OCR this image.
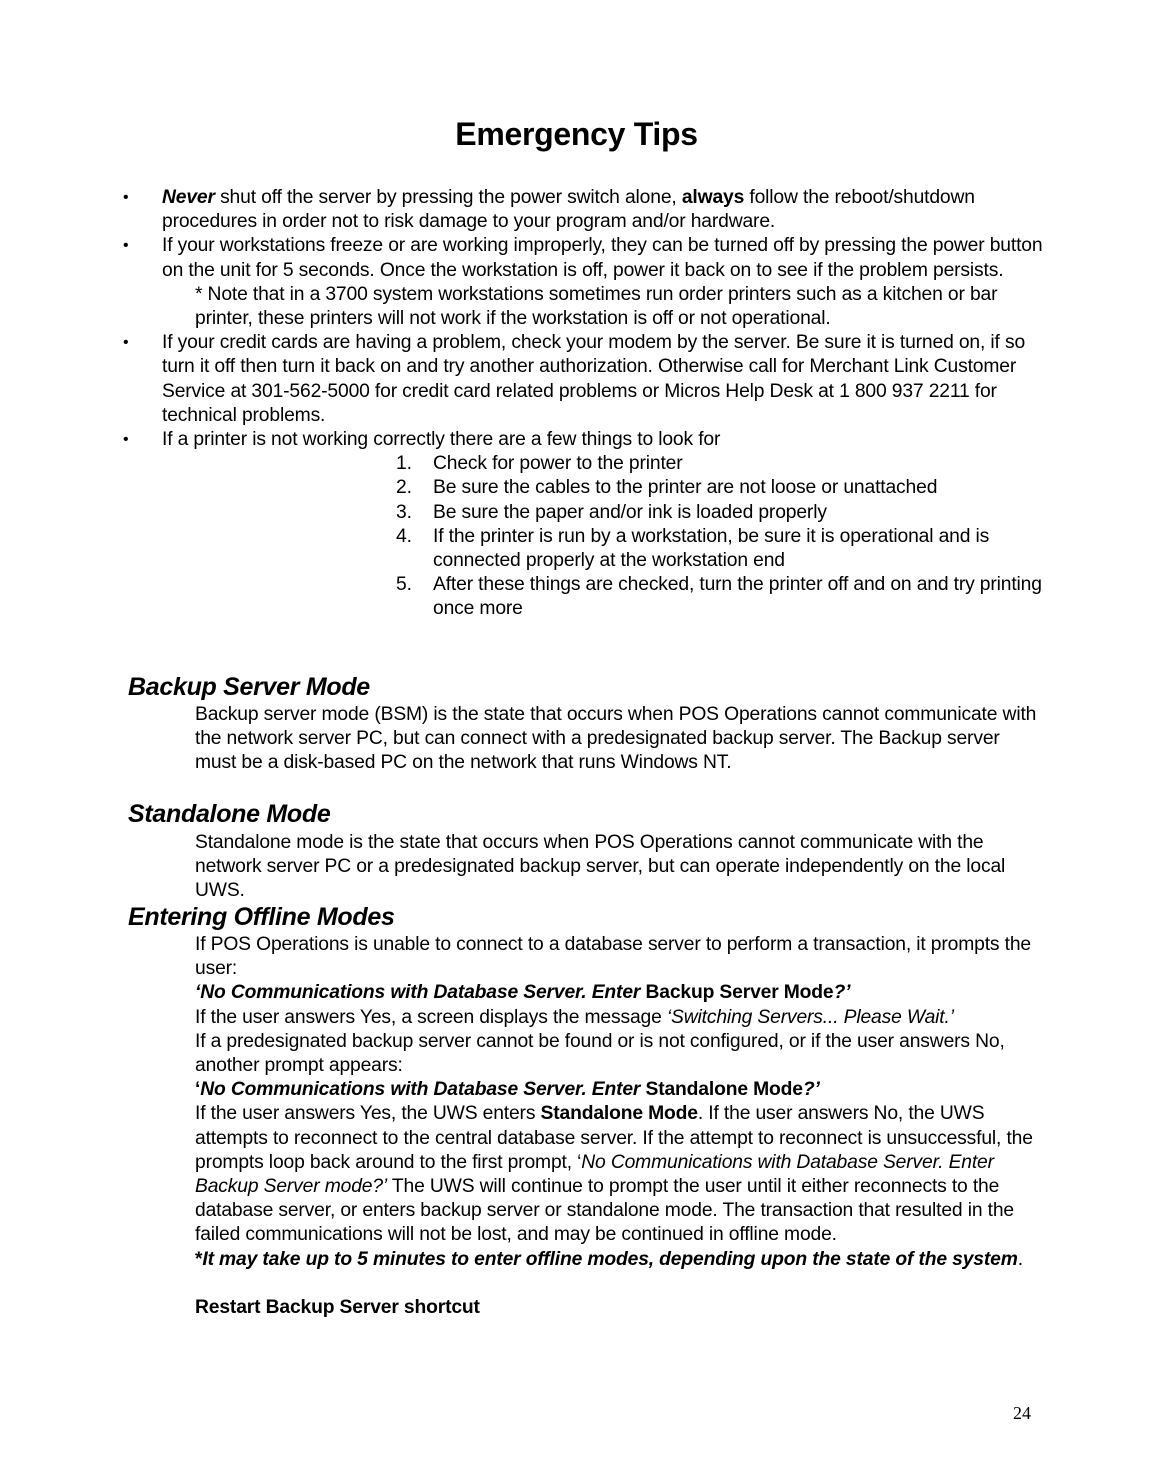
Emergency Tips
• Never shut off the server by pressing the power switch alone, always follow the reboot/shutdown procedures in order not to risk damage to your program and/or hardware.
• If your workstations freeze or are working improperly, they can be turned off by pressing the power button on the unit for 5 seconds. Once the workstation is off, power it back on to see if the problem persists.
* Note that in a 3700 system workstations sometimes run order printers such as a kitchen or bar printer, these printers will not work if the workstation is off or not operational.
• If your credit cards are having a problem, check your modem by the server. Be sure it is turned on, if so turn it off then turn it back on and try another authorization. Otherwise call for Merchant Link Customer Service at 301-562-5000 for credit card related problems or Micros Help Desk at 1 800 937 2211 for technical problems.
• If a printer is not working correctly there are a few things to look for
1. Check for power to the printer
2. Be sure the cables to the printer are not loose or unattached
3. Be sure the paper and/or ink is loaded properly
4. If the printer is run by a workstation, be sure it is operational and is connected properly at the workstation end
5. After these things are checked, turn the printer off and on and try printing once more
Backup Server Mode
Backup server mode (BSM) is the state that occurs when POS Operations cannot communicate with the network server PC, but can connect with a predesignated backup server. The Backup server must be a disk-based PC on the network that runs Windows NT.
Standalone Mode
Standalone mode is the state that occurs when POS Operations cannot communicate with the network server PC or a predesignated backup server, but can operate independently on the local UWS.
Entering Offline Modes
If POS Operations is unable to connect to a database server to perform a transaction, it prompts the user:
‘No Communications with Database Server. Enter Backup Server Mode?’
If the user answers Yes, a screen displays the message ‘Switching Servers... Please Wait.’
If a predesignated backup server cannot be found or is not configured, or if the user answers No, another prompt appears:
‘No Communications with Database Server. Enter Standalone Mode?’
If the user answers Yes, the UWS enters Standalone Mode. If the user answers No, the UWS attempts to reconnect to the central database server. If the attempt to reconnect is unsuccessful, the prompts loop back around to the first prompt, ‘No Communications with Database Server. Enter Backup Server mode?’ The UWS will continue to prompt the user until it either reconnects to the database server, or enters backup server or standalone mode. The transaction that resulted in the failed communications will not be lost, and may be continued in offline mode.
*It may take up to 5 minutes to enter offline modes, depending upon the state of the system.
Restart Backup Server shortcut
24
